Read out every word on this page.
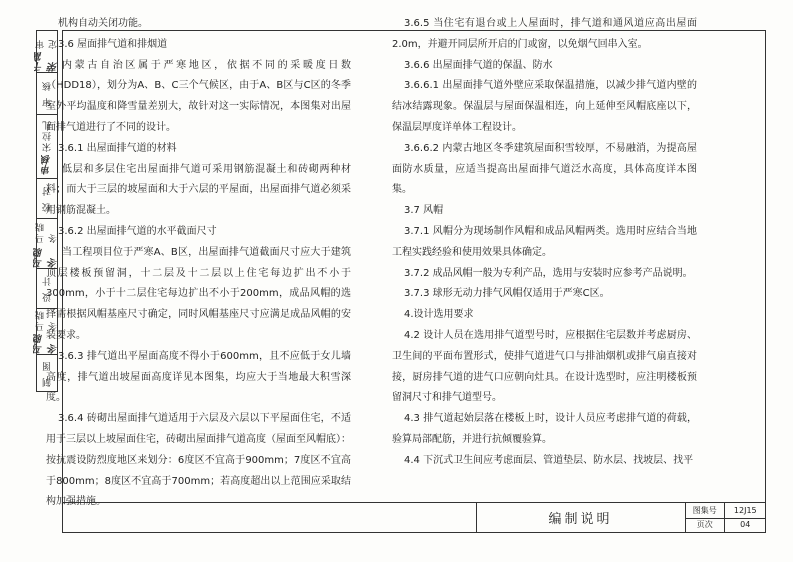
审 定
千富荣
审 核
宋拉扎
审核
校 对
马晓冬
马晓冬
设 计
马晓冬
马晓冬
制 图

机构自动关闭功能。

3.6 屋面排气道和排烟道

内蒙古自治区属于严寒地区，依据不同的采暖度日数（HDD18），划分为A、B、C三个气候区，由于A、B区与C区的冬季室外平均温度和降雪量差别大，故针对这一实际情况，本图集对出屋面排气道进行了不同的设计。

3.6.1 出屋面排气道的材料

低层和多层住宅出屋面排气道可采用钢筋混凝土和砖砌两种材料；而大于三层的坡屋面和大于六层的平屋面，出屋面排气道必须采用钢筋混凝土。

3.6.2 出屋面排气道的水平截面尺寸

当工程项目位于严寒A、B区，出屋面排气道截面尺寸应大于建筑顶层楼板预留洞，十二层及十二层以上住宅每边扩出不小于300mm，小于十二层住宅每边扩出不小于200mm，成品风帽的选择需根据风帽基座尺寸确定，同时风帽基座尺寸应满足成品风帽的安装要求。

3.6.3 排气道出平屋面高度不得小于600mm，且不应低于女儿墙高度，排气道出坡屋面高度详见本图集，均应大于当地最大积雪深度。

3.6.4 砖砌出屋面排气道适用于六层及六层以下平屋面住宅，不适用于三层以上坡屋面住宅，砖砌出屋面排气道高度（屋面至风帽底）：按抗震设防烈度地区来划分：6度区不宜高于900mm；7度区不宜高于800mm；8度区不宜高于700mm；若高度超出以上范围应采取结构加强措施。

3.6.5 当住宅有退台或上人屋面时，排气道和通风道应高出屋面2.0m，并避开同层所开启的门或窗，以免烟气回串入室。

3.6.6 出屋面排气道的保温、防水

3.6.6.1 出屋面排气道外壁应采取保温措施，以减少排气道内壁的结冰结露现象。保温层与屋面保温相连，向上延伸至风帽底座以下，保温层厚度详单体工程设计。

3.6.6.2 内蒙古地区冬季建筑屋面积雪较厚，不易融消，为提高屋面防水质量，应适当提高出屋面排气道泛水高度，具体高度详本图集。

3.7 风帽

3.7.1 风帽分为现场制作风帽和成品风帽两类。选用时应结合当地工程实践经验和使用效果具体确定。

3.7.2 成品风帽一般为专利产品，选用与安装时应参考产品说明。

3.7.3 球形无动力排气风帽仅适用于严寒C区。

4.设计选用要求

4.2 设计人员在选用排气道型号时，应根据住宅层数并考虑厨房、卫生间的平面布置形式，使排气道进气口与排油烟机或排气扇直接对接，厨房排气道的进气口应朝向灶具。在设计选型时，应注明楼板预留洞尺寸和排气道型号。

4.3 排气道起始层落在楼板上时，设计人员应考虑排气道的荷载，验算局部配筋，并进行抗倾覆验算。

4.4 下沉式卫生间应考虑面层、管道垫层、防水层、找坡层、找平

编制说明
图集号	12J15
页次	04
